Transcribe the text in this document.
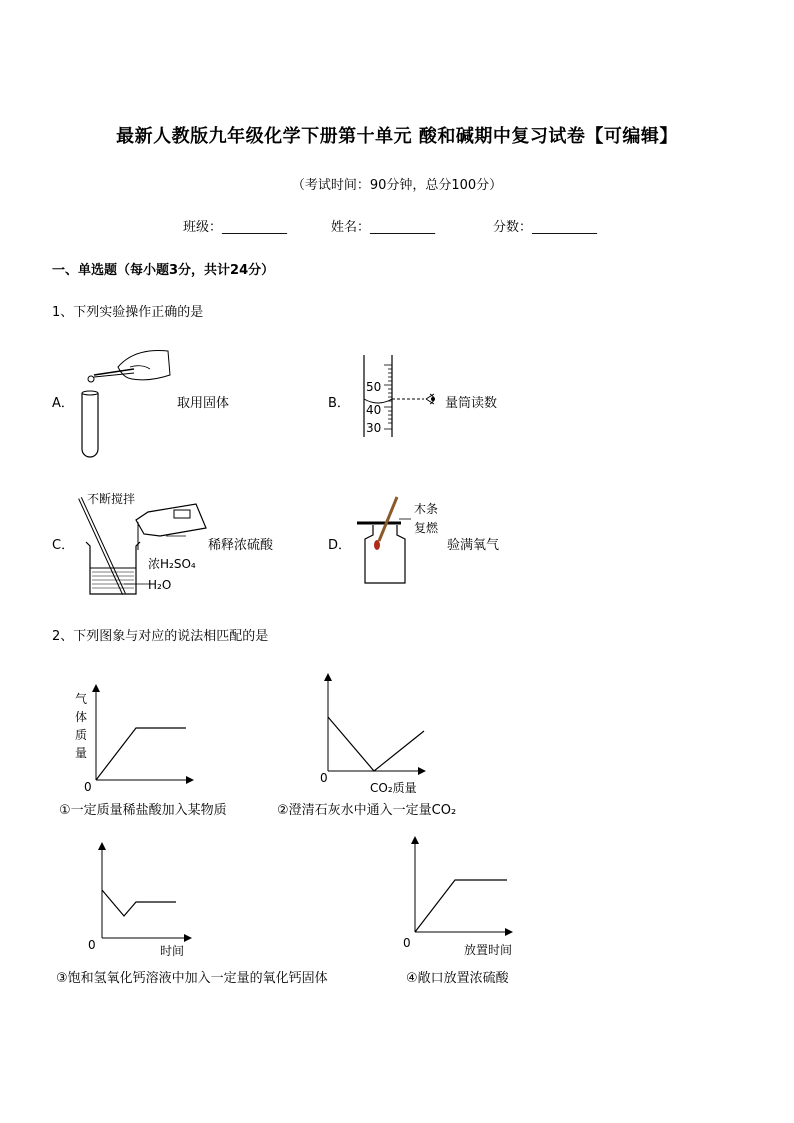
最新人教版九年级化学下册第十单元 酸和碱期中复习试卷【可编辑】
（考试时间：90分钟，总分100分）
班级：__________	姓名：__________	分数：__________
一、单选题（每小题3分，共计24分）
1、下列实验操作正确的是
A．	取用固体	B．
50
40
30
量筒读数
C．
不断搅拌
稀释浓硫酸
浓H₂SO₄
H₂O
D．
木条
复燃
验满氧气
2、下列图象与对应的说法相匹配的是
气
体
质
量
0
①一定质量稀盐酸加入某物质
0
CO₂质量
②澄清石灰水中通入一定量CO₂
0	时间
③饱和氢氧化钙溶液中加入一定量的氧化钙固体
0	放置时间
④敞口放置浓硫酸
